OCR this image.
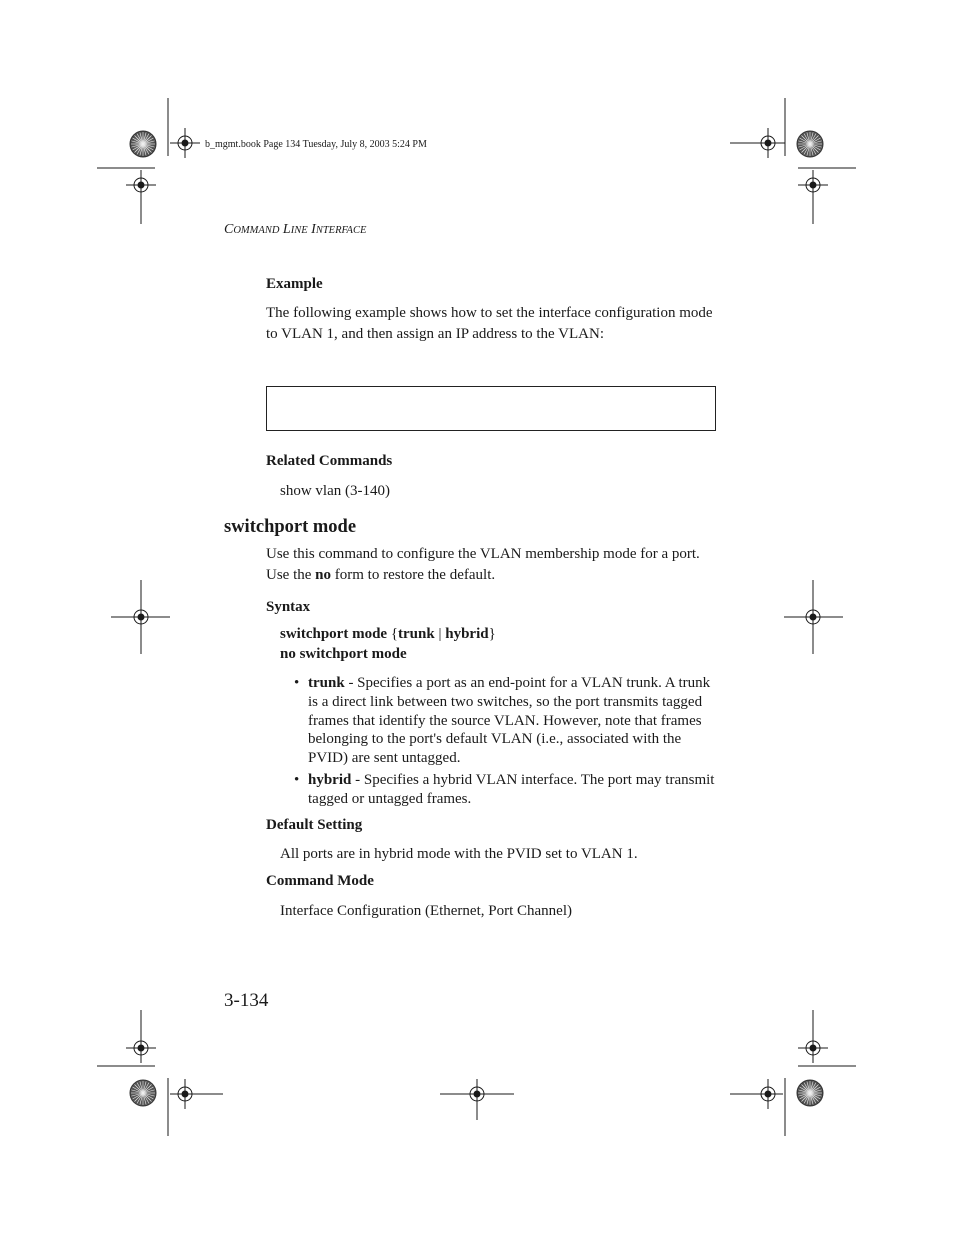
b_mgmt.book Page 134 Tuesday, July 8, 2003 5:24 PM
COMMAND LINE INTERFACE
Example
The following example shows how to set the interface configuration mode to VLAN 1, and then assign an IP address to the VLAN:
Related Commands
show vlan (3-140)
switchport mode
Use this command to configure the VLAN membership mode for a port. Use the no form to restore the default.
Syntax
switchport mode {trunk | hybrid}
no switchport mode
• trunk - Specifies a port as an end-point for a VLAN trunk. A trunk is a direct link between two switches, so the port transmits tagged frames that identify the source VLAN. However, note that frames belonging to the port's default VLAN (i.e., associated with the PVID) are sent untagged.
• hybrid - Specifies a hybrid VLAN interface. The port may transmit tagged or untagged frames.
Default Setting
All ports are in hybrid mode with the PVID set to VLAN 1.
Command Mode
Interface Configuration (Ethernet, Port Channel)
3-134
